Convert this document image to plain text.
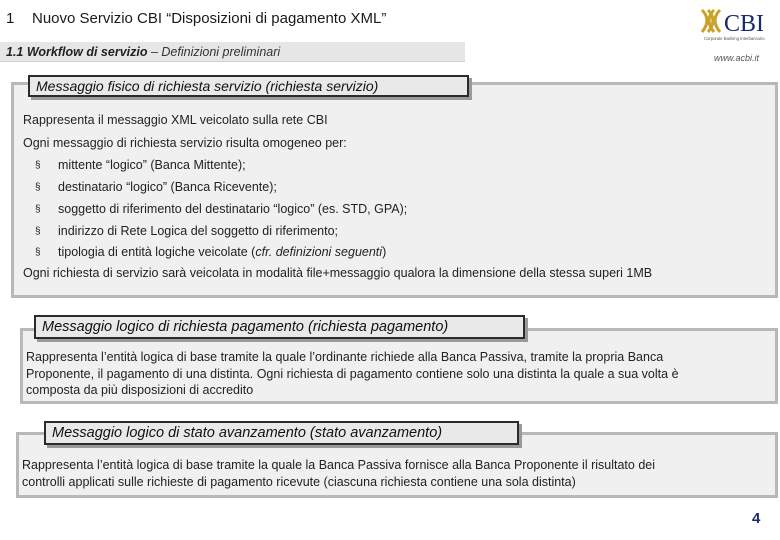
1 Nuovo Servizio CBI “Disposizioni di pagamento XML”	CBI
Corporate Banking Interbancario
1.1 Workflow di servizio – Definizioni preliminari	www.acbi.it
Rappresenta il messaggio XML veicolato sulla rete CBI
Ogni messaggio di richiesta servizio risulta omogeneo per:
§ mittente “logico” (Banca Mittente);
§ destinatario “logico” (Banca Ricevente);
§ soggetto di riferimento del destinatario “logico” (es. STD, GPA);
§ indirizzo di Rete Logica del soggetto di riferimento;
§ tipologia di entità logiche veicolate (cfr. definizioni seguenti)
Ogni richiesta di servizio sarà veicolata in modalità file+messaggio qualora la dimensione della stessa superi 1MB
Messaggio fisico di richiesta servizio (richiesta servizio)
Rappresenta l’entità logica di base tramite la quale l’ordinante richiede alla Banca Passiva, tramite la propria Banca
Proponente, il pagamento di una distinta. Ogni richiesta di pagamento contiene solo una distinta la quale a sua volta è
composta da più disposizioni di accredito
Messaggio logico di richiesta pagamento (richiesta pagamento)
Rappresenta l’entità logica di base tramite la quale la Banca Passiva fornisce alla Banca Proponente il risultato dei
controlli applicati sulle richieste di pagamento ricevute (ciascuna richiesta contiene una sola distinta)
Messaggio logico di stato avanzamento (stato avanzamento)
4
